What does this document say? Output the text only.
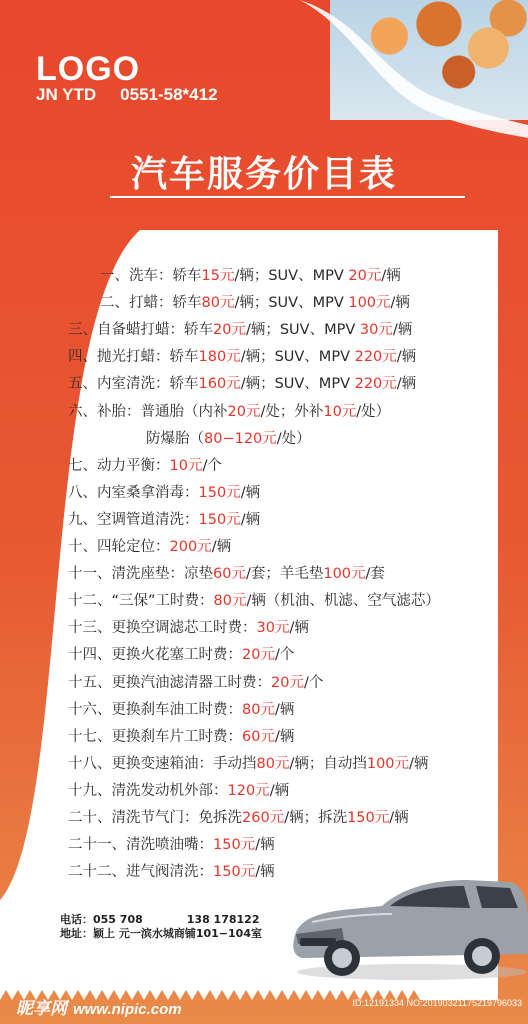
LOGO
JN YTD 0551-58*412
汽车服务价目表
一、洗车：轿车15元/辆；SUV、MPV 20元/辆
二、打蜡：轿车80元/辆；SUV、MPV 100元/辆
三、自备蜡打蜡：轿车20元/辆；SUV、MPV 30元/辆
四、抛光打蜡：轿车180元/辆；SUV、MPV 220元/辆
五、内室清洗：轿车160元/辆；SUV、MPV 220元/辆
六、补胎：普通胎（内补20元/处；外补10元/处）
防爆胎（80−120元/处）
七、动力平衡：10元/个
八、内室桑拿消毒：150元/辆
九、空调管道清洗：150元/辆
十、四轮定位：200元/辆
十一、清洗座垫：凉垫60元/套；羊毛垫100元/套
十二、“三保”工时费：80元/辆（机油、机滤、空气滤芯）
十三、更换空调滤芯工时费：30元/辆
十四、更换火花塞工时费：20元/个
十五、更换汽油滤清器工时费：20元/个
十六、更换刹车油工时费：80元/辆
十七、更换刹车片工时费：60元/辆
十八、更换变速箱油：手动挡80元/辆；自动挡100元/辆
十九、清洗发动机外部：120元/辆
二十、清洗节气门：免拆洗260元/辆；拆洗150元/辆
二十一、清洗喷油嘴：150元/辆
二十二、进气阀清洗：150元/辆
电话：055 708	138 178122
地址：颖上 元一滨水城商铺101−104室
昵享网 www.nipic.com	ID:12191334 NO:20190321175219796033
